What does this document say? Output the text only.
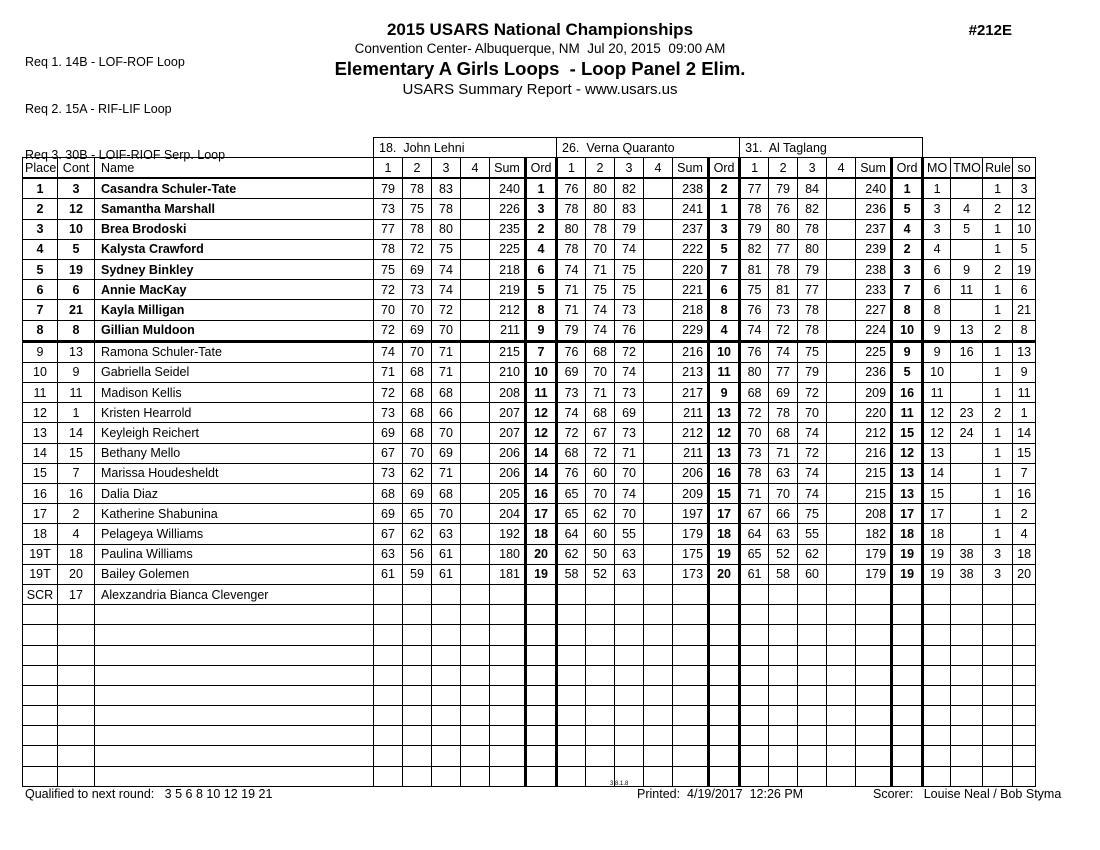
Req 1. 14B - LOF-ROF Loop

Req 2. 15A - RIF-LIF Loop

Req 3. 30B - LOIF-RIOF Serp. Loop

2015 USARS National Championships
Convention Center- Albuquerque, NM  Jul 20, 2015  09:00 AM
Elementary A Girls Loops  - Loop Panel 2 Elim.
USARS Summary Report - www.usars.us
#212E
			18.  John Lehni						26.  Verna Quaranto						31.  Al Taglang									
Place	Cont	Name	1	2	3	4	Sum	Ord	1	2	3	4	Sum	Ord	1	2	3	4	Sum	Ord	MO	TMO	Rule	so
1	3	Casandra Schuler-Tate	79	78	83		240	1	76	80	82		238	2	77	79	84		240	1	1		1	3
2	12	Samantha Marshall	73	75	78		226	3	78	80	83		241	1	78	76	82		236	5	3	4	2	12
3	10	Brea Brodoski	77	78	80		235	2	80	78	79		237	3	79	80	78		237	4	3	5	1	10
4	5	Kalysta Crawford	78	72	75		225	4	78	70	74		222	5	82	77	80		239	2	4		1	5
5	19	Sydney Binkley	75	69	74		218	6	74	71	75		220	7	81	78	79		238	3	6	9	2	19
6	6	Annie MacKay	72	73	74		219	5	71	75	75		221	6	75	81	77		233	7	6	11	1	6
7	21	Kayla Milligan	70	70	72		212	8	71	74	73		218	8	76	73	78		227	8	8		1	21
8	8	Gillian Muldoon	72	69	70		211	9	79	74	76		229	4	74	72	78		224	10	9	13	2	8
9	13	Ramona Schuler-Tate	74	70	71		215	7	76	68	72		216	10	76	74	75		225	9	9	16	1	13
10	9	Gabriella Seidel	71	68	71		210	10	69	70	74		213	11	80	77	79		236	5	10		1	9
11	11	Madison Kellis	72	68	68		208	11	73	71	73		217	9	68	69	72		209	16	11		1	11
12	1	Kristen Hearrold	73	68	66		207	12	74	68	69		211	13	72	78	70		220	11	12	23	2	1
13	14	Keyleigh Reichert	69	68	70		207	12	72	67	73		212	12	70	68	74		212	15	12	24	1	14
14	15	Bethany Mello	67	70	69		206	14	68	72	71		211	13	73	71	72		216	12	13		1	15
15	7	Marissa Houdesheldt	73	62	71		206	14	76	60	70		206	16	78	63	74		215	13	14		1	7
16	16	Dalia Diaz	68	69	68		205	16	65	70	74		209	15	71	70	74		215	13	15		1	16
17	2	Katherine Shabunina	69	65	70		204	17	65	62	70		197	17	67	66	75		208	17	17		1	2
18	4	Pelageya Williams	67	62	63		192	18	64	60	55		179	18	64	63	55		182	18	18		1	4
19T	18	Paulina Williams	63	56	61		180	20	62	50	63		175	19	65	52	62		179	19	19	38	3	18
19T	20	Bailey Golemen	61	59	61		181	19	58	52	63		173	20	61	58	60		179	19	19	38	3	20
SCR	17	Alexzandria Bianca Clevenger																						

Qualified to next round:   3 5 6 8 10 12 19 21
3.8.1.8
Printed:  4/19/2017  12:26 PM	Scorer:   Louise Neal / Bob Styma
